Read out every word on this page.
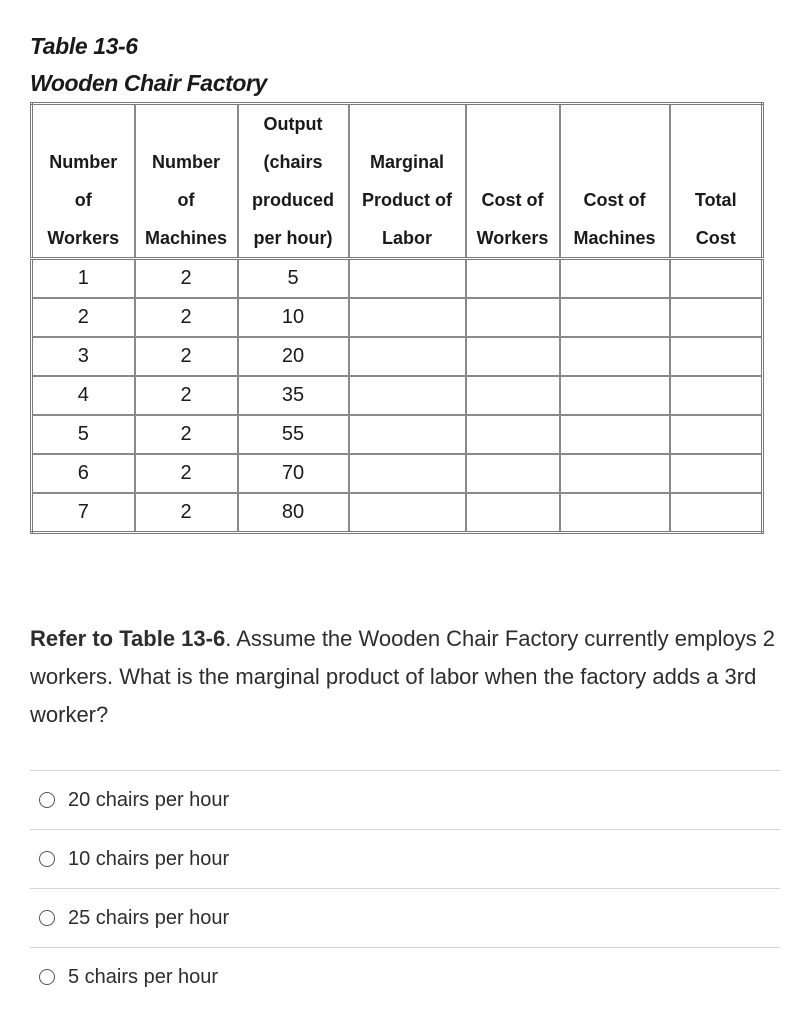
Table 13-6
Wooden Chair Factory
Number
of
Workers	Number
of
Machines	Output
(chairs
produced
per hour)	Marginal
Product of
Labor	Cost of
Workers	Cost of
Machines	Total
Cost

1	2	5				
2	2	10				
3	2	20				
4	2	35				
5	2	55				
6	2	70				
7	2	80				
Refer to Table 13-6. Assume the Wooden Chair Factory currently employs 2 workers. What is the marginal product of labor when the factory adds a 3rd worker?
20 chairs per hour
10 chairs per hour
25 chairs per hour
5 chairs per hour
